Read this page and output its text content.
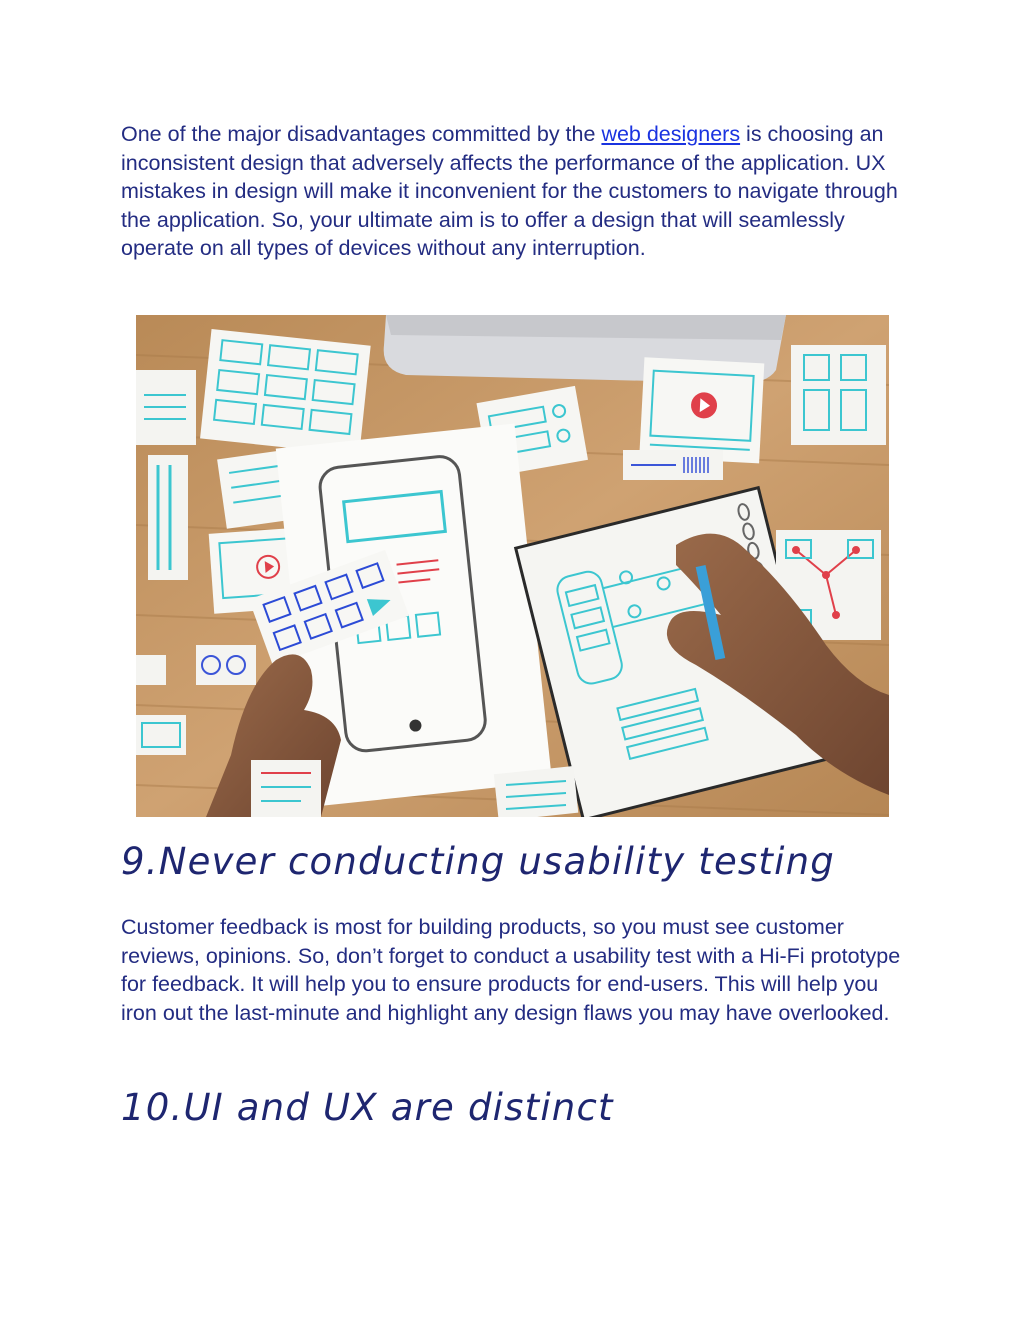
One of the major disadvantages committed by the web designers is choosing an inconsistent design that adversely affects the performance of the application. UX mistakes in design will make it inconvenient for the customers to navigate through the application. So, your ultimate aim is to offer a design that will seamlessly operate on all types of devices without any interruption.

9.Never conducting usability testing

Customer feedback is most for building products, so you must see customer reviews, opinions. So, don’t forget to conduct a usability test with a Hi-Fi prototype for feedback. It will help you to ensure products for end-users. This will help you iron out the last-minute and highlight any design flaws you may have overlooked.

10.UI and UX are distinct
